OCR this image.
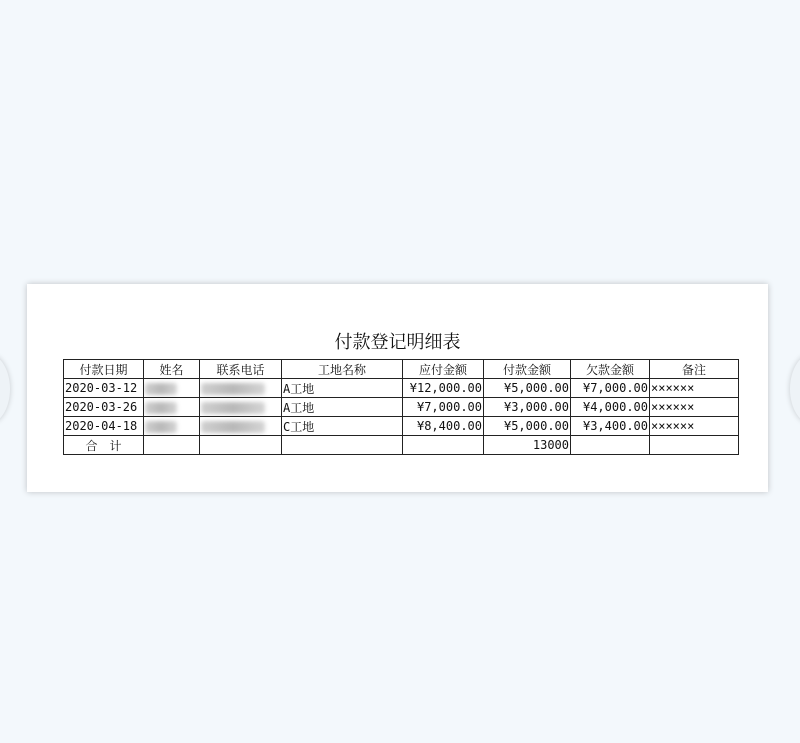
付款登记明细表
付款日期	姓名	联系电话	工地名称	应付金额	付款金额	欠款金额	备注
2020-03-12			A工地	¥12,000.00	¥5,000.00	¥7,000.00	××××××
2020-03-26			A工地	¥7,000.00	¥3,000.00	¥4,000.00	××××××
2020-04-18			C工地	¥8,400.00	¥5,000.00	¥3,400.00	××××××
合　计					13000		
